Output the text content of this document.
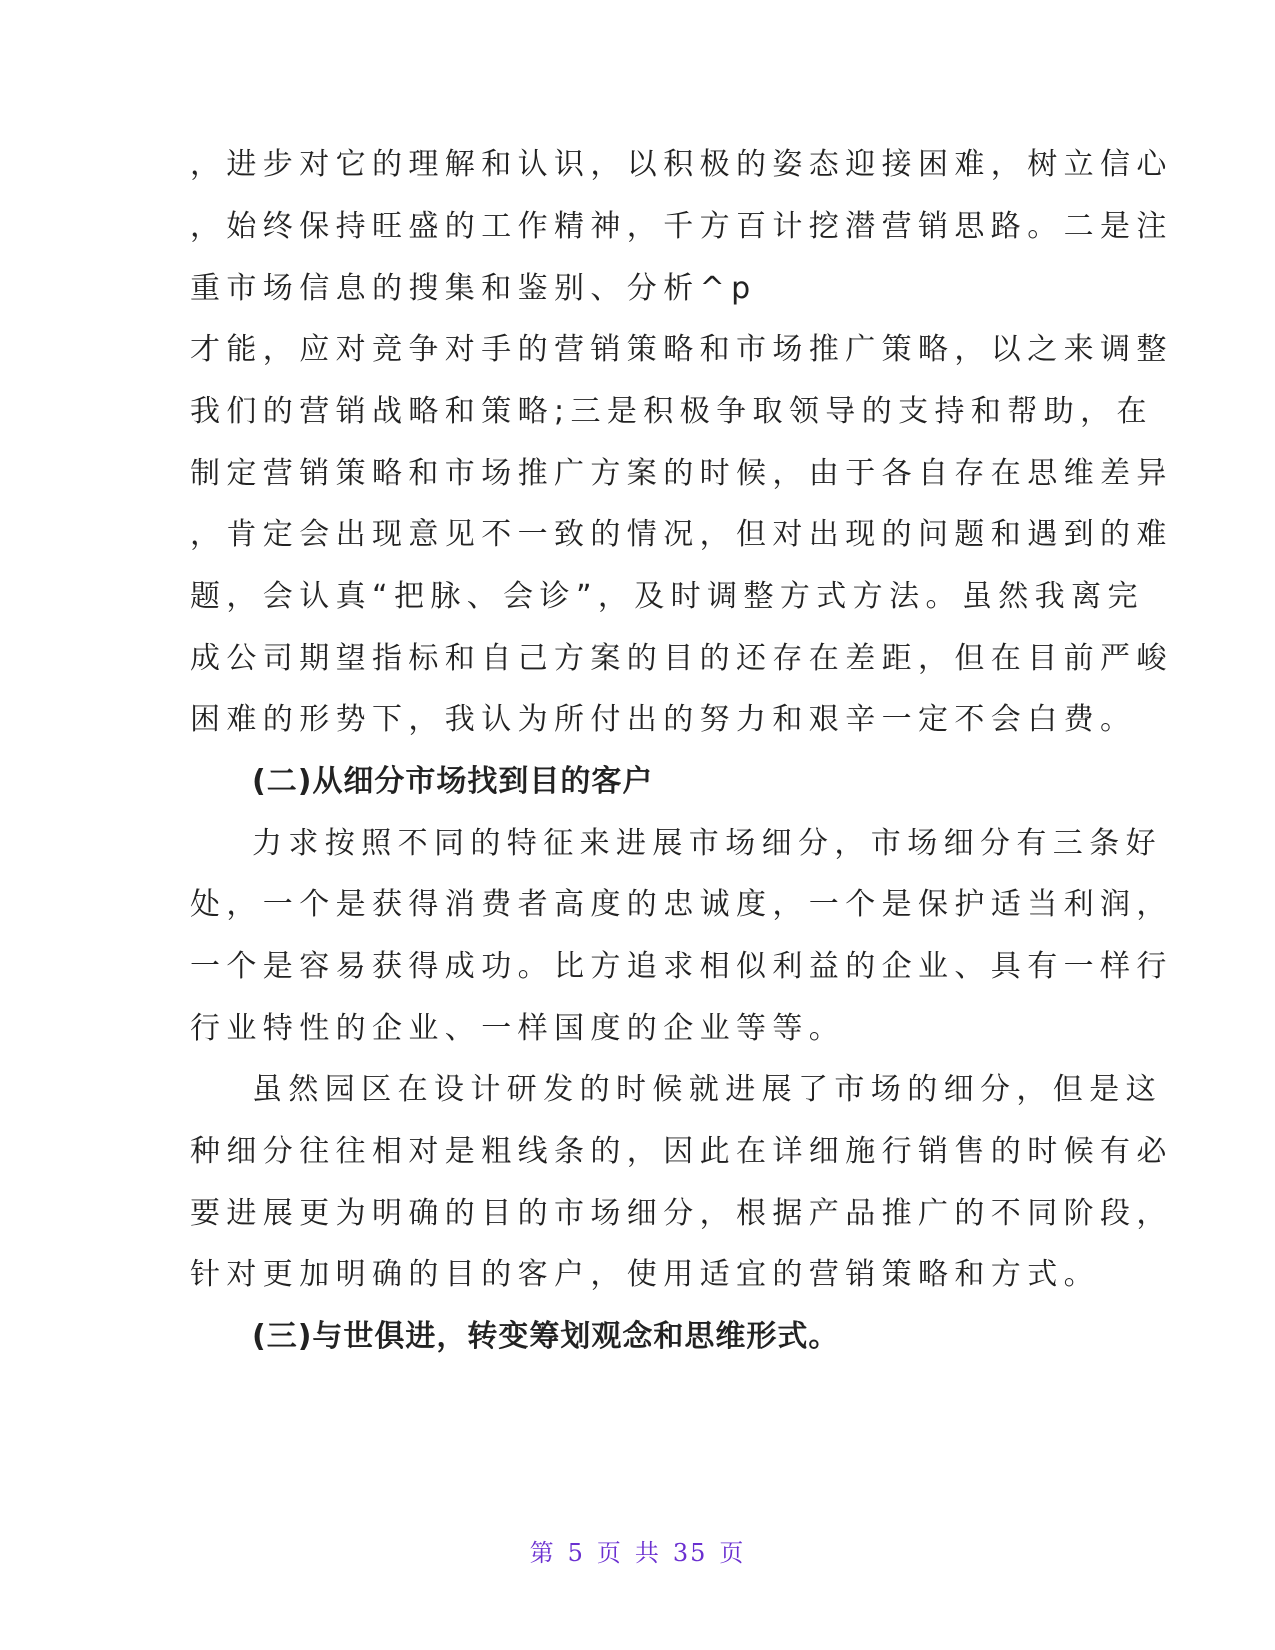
，进步对它的理解和认识，以积极的姿态迎接困难，树立信心
，始终保持旺盛的工作精神，千方百计挖潜营销思路。二是注
重市场信息的搜集和鉴别、分析^p
才能，应对竞争对手的营销策略和市场推广策略，以之来调整
我们的营销战略和策略;三是积极争取领导的支持和帮助，在
制定营销策略和市场推广方案的时候，由于各自存在思维差异
，肯定会出现意见不一致的情况，但对出现的问题和遇到的难
题，会认真“把脉、会诊”，及时调整方式方法。虽然我离完
成公司期望指标和自己方案的目的还存在差距，但在目前严峻
困难的形势下，我认为所付出的努力和艰辛一定不会白费。
(二)从细分市场找到目的客户
力求按照不同的特征来进展市场细分，市场细分有三条好
处，一个是获得消费者高度的忠诚度，一个是保护适当利润，
一个是容易获得成功。比方追求相似利益的企业、具有一样行
行业特性的企业、一样国度的企业等等。
虽然园区在设计研发的时候就进展了市场的细分，但是这
种细分往往相对是粗线条的，因此在详细施行销售的时候有必
要进展更为明确的目的市场细分，根据产品推广的不同阶段，
针对更加明确的目的客户，使用适宜的营销策略和方式。
(三)与世俱进，转变筹划观念和思维形式。
第 5 页 共 35 页
